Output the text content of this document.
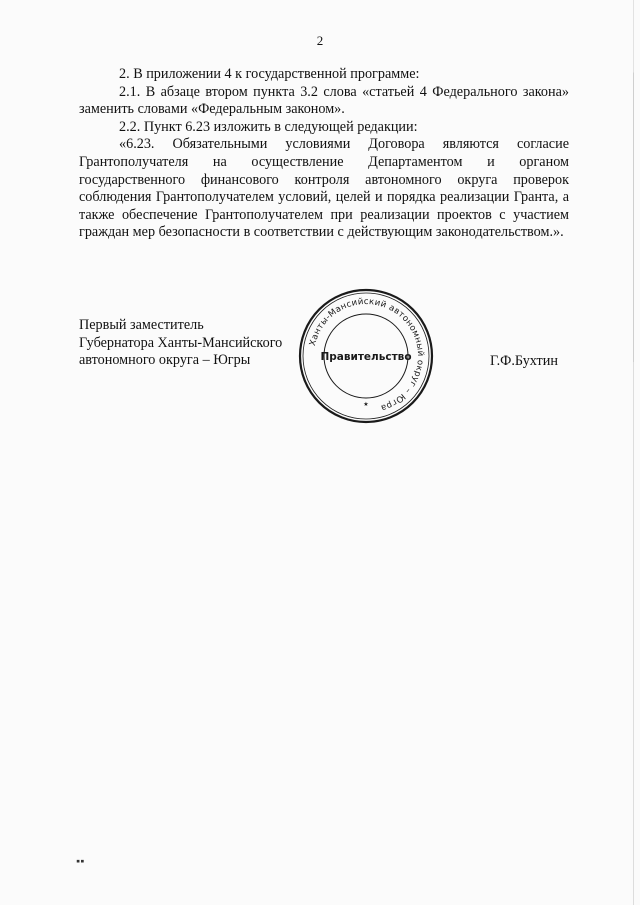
2

2. В приложении 4 к государственной программе:

2.1. В абзаце втором пункта 3.2 слова «статьей 4 Федерального закона» заменить словами «Федеральным законом».

2.2. Пункт 6.23 изложить в следующей редакции:

«6.23. Обязательными условиями Договора являются согласие Грантополучателя на осуществление Департаментом и органом государственного финансового контроля автономного округа проверок соблюдения Грантополучателем условий, целей и порядка реализации Гранта, а также обеспечение Грантополучателем при реализации проектов с участием граждан мер безопасности в соответствии с действующим законодательством.».

Первый заместитель
Губернатора Ханты-Мансийского
автономного округа – Югры	Г.Ф.Бухтин
Ханты-Мансийский автономный округ – Югра
Правительство
★
▪▪
